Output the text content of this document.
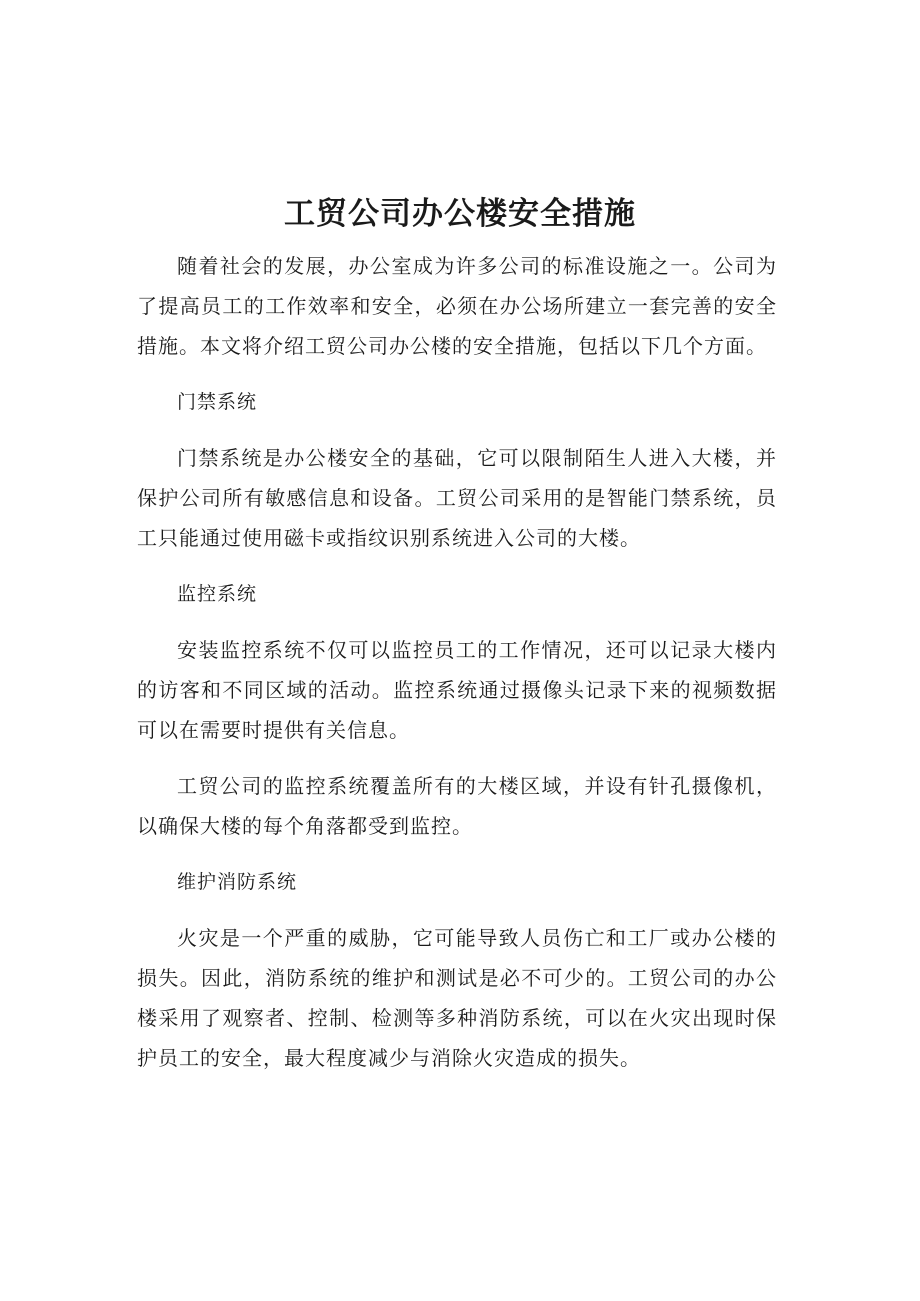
工贸公司办公楼安全措施

随着社会的发展，办公室成为许多公司的标准设施之一。公司为了提高员工的工作效率和安全，必须在办公场所建立一套完善的安全措施。本文将介绍工贸公司办公楼的安全措施，包括以下几个方面。

门禁系统

门禁系统是办公楼安全的基础，它可以限制陌生人进入大楼，并保护公司所有敏感信息和设备。工贸公司采用的是智能门禁系统，员工只能通过使用磁卡或指纹识别系统进入公司的大楼。

监控系统

安装监控系统不仅可以监控员工的工作情况，还可以记录大楼内的访客和不同区域的活动。监控系统通过摄像头记录下来的视频数据可以在需要时提供有关信息。

工贸公司的监控系统覆盖所有的大楼区域，并设有针孔摄像机，以确保大楼的每个角落都受到监控。

维护消防系统

火灾是一个严重的威胁，它可能导致人员伤亡和工厂或办公楼的损失。因此，消防系统的维护和测试是必不可少的。工贸公司的办公楼采用了观察者、控制、检测等多种消防系统，可以在火灾出现时保护员工的安全，最大程度减少与消除火灾造成的损失。
